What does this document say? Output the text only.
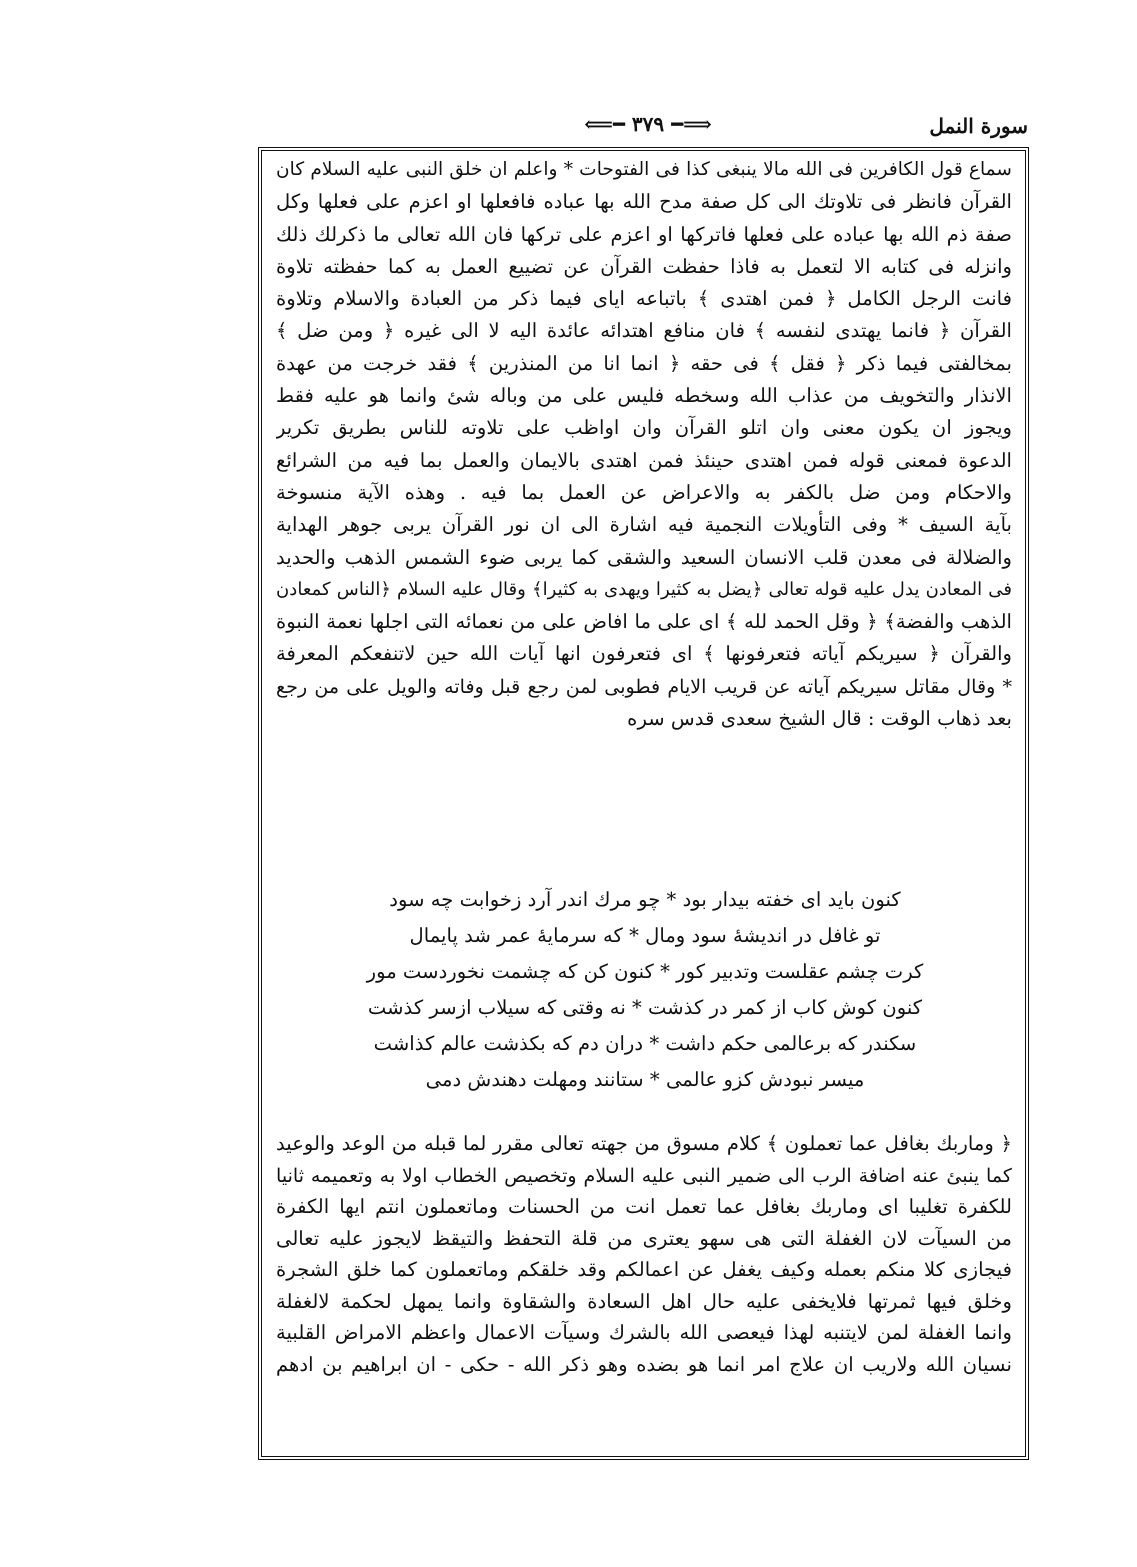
سورة النمل
⟸━ ۳۷۹ ━⟹
سماع قول الكافرين فى الله مالا ينبغى كذا فى الفتوحات * واعلم ان خلق النبى عليه السلام كان
القرآن فانظر فى تلاوتك الى كل صفة مدح الله بها عباده فافعلها او اعزم على فعلها وكل
صفة ذم الله بها عباده على فعلها فاتركها او اعزم على تركها فان الله تعالى ما ذكرلك ذلك
وانزله فى كتابه الا لتعمل به فاذا حفظت القرآن عن تضييع العمل به كما حفظته تلاوة
فانت الرجل الكامل ﴿ فمن اهتدى ﴾ باتباعه اياى فيما ذكر من العبادة والاسلام وتلاوة
القرآن ﴿ فانما يهتدى لنفسه ﴾ فان منافع اهتدائه عائدة اليه لا الى غيره ﴿ ومن ضل ﴾
بمخالفتى فيما ذكر ﴿ فقل ﴾ فى حقه ﴿ انما انا من المنذرين ﴾ فقد خرجت من عهدة
الانذار والتخويف من عذاب الله وسخطه فليس على من وباله شئ وانما هو عليه فقط
ويجوز ان يكون معنى وان اتلو القرآن وان اواظب على تلاوته للناس بطريق تكرير
الدعوة فمعنى قوله فمن اهتدى حينئذ فمن اهتدى بالايمان والعمل بما فيه من الشرائع
والاحكام ومن ضل بالكفر به والاعراض عن العمل بما فيه . وهذه الآية منسوخة
بآية السيف * وفى التأويلات النجمية فيه اشارة الى ان نور القرآن يربى جوهر الهداية
والضلالة فى معدن قلب الانسان السعيد والشقى كما يربى ضوء الشمس الذهب والحديد
فى المعادن يدل عليه قوله تعالى ﴿يضل به كثيرا ويهدى به كثيرا﴾ وقال عليه السلام ﴿الناس كمعادن
الذهب والفضة﴾ ﴿ وقل الحمد لله ﴾ اى على ما افاض على من نعمائه التى اجلها نعمة النبوة
والقرآن ﴿ سيريكم آياته فتعرفونها ﴾ اى فتعرفون انها آيات الله حين لاتنفعكم المعرفة
* وقال مقاتل سيريكم آياته عن قريب الايام فطوبى لمن رجع قبل وفاته والويل على من رجع
بعد ذهاب الوقت : قال الشيخ سعدى قدس سره
كنون بايد اى خفته بيدار بود * چو مرك اندر آرد زخوابت چه سود
تو غافل در انديشهٔ سود ومال * كه سرمايهٔ عمر شد پايمال
كرت چشم عقلست وتدبير كور * كنون كن كه چشمت نخوردست مور
كنون كوش كاب از كمر در كذشت * نه وقتى كه سيلاب ازسر كذشت
سكندر كه برعالمى حكم داشت * دران دم كه بكذشت عالم كذاشت
ميسر نبودش كزو عالمى * ستانند ومهلت دهندش دمى
﴿ وماربك بغافل عما تعملون ﴾ كلام مسوق من جهته تعالى مقرر لما قبله من الوعد والوعيد
كما ينبئ عنه اضافة الرب الى ضمير النبى عليه السلام وتخصيص الخطاب اولا به وتعميمه ثانيا
للكفرة تغليبا اى وماربك بغافل عما تعمل انت من الحسنات وماتعملون انتم ايها الكفرة
من السيآت لان الغفلة التى هى سهو يعترى من قلة التحفظ والتيقظ لايجوز عليه تعالى
فيجازى كلا منكم بعمله وكيف يغفل عن اعمالكم وقد خلقكم وماتعملون كما خلق الشجرة
وخلق فيها ثمرتها فلايخفى عليه حال اهل السعادة والشقاوة وانما يمهل لحكمة لالغفلة
وانما الغفلة لمن لايتنبه لهذا فيعصى الله بالشرك وسيآت الاعمال واعظم الامراض القلبية
نسيان الله ولاريب ان علاج امر انما هو بضده وهو ذكر الله - حكى - ان ابراهيم بن ادهم
